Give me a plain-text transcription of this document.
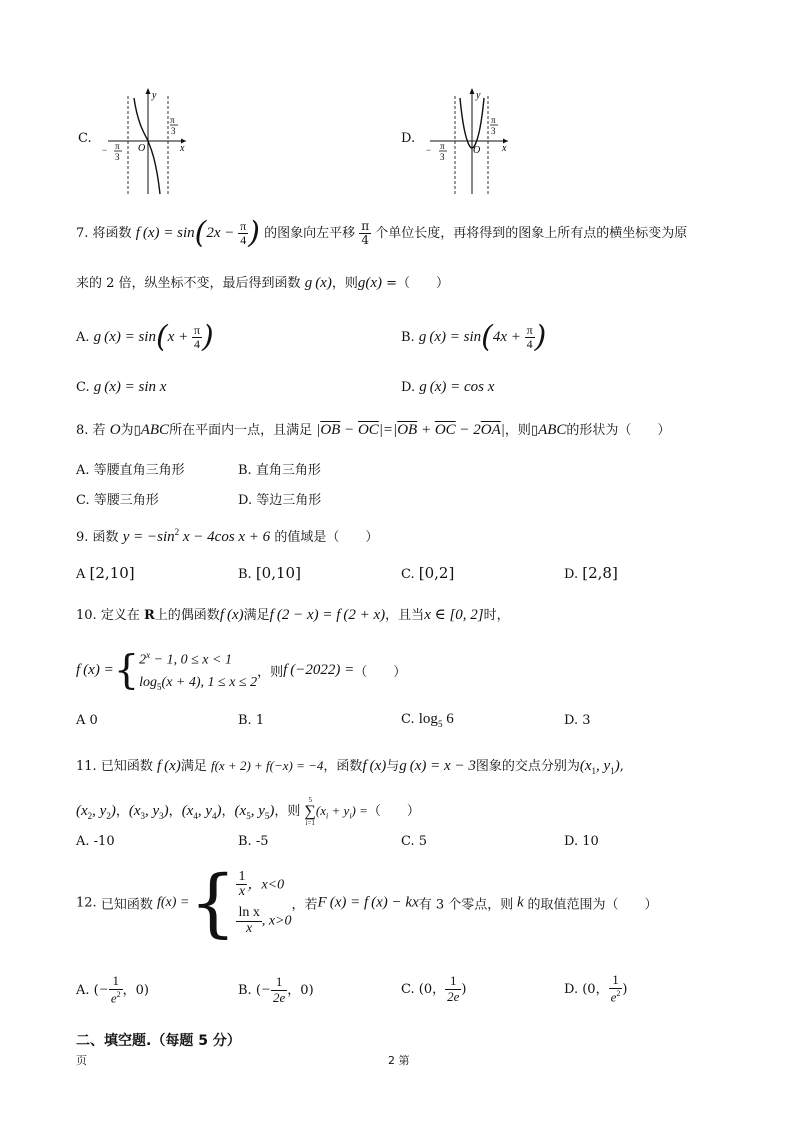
C.
y
x
O
π
3
− π
3
D.
y
x
O
π
3
− π
3
7. 将函数 f $(x) = \sin(2x - \frac{\pi}{4}$ ) 的图象向左平移 $\frac{\pi}{4}$ 个单位长度，再将得到的图象上所有点的横坐标变为原
来的 2 倍，纵坐标不变，最后得到函数 g (x)，则g(x) =（　　）
A. g $(x) = \sin(x + \frac{\pi}{4}$ )	B. g $(x) = \sin(4x + \frac{\pi}{4}$ )
C. g (x) = sin x	D. g (x) = cos x
8. 若 O为▯ABC所在平面内一点，且满足 $|\overline{OB} - \overline{OC}|=|\overline{OB} + \overline{OC} - 2\overline{OA}|$，则▯ABC的形状为（　　）
A. 等腰直角三角形	B. 直角三角形
C. 等腰三角形	D. 等边三角形
9. 函数 $y = -\sin^2$ x − 4cos x + 6 的值域是（　　）
A [2,10]	B. [0,10]	C. [0,2]	D. [2,8]
10. 定义在 R上的偶函数f (x)满足f (2 − x) = f (2 + x)，且当x ∈ [0, 2]时，
f (x) ={ $2^x - 1$, 0 ≤ x < 1
$\log_5(x + 4)$, 1 ≤ x ≤ 2
，则f (−2022) =（　　）
A 0	B. 1	C. $\log_5 6$	D. 3
11. 已知函数 f (x)满足 f(x + 2) + f(−x) = −4，函数f (x)与g (x) = x − 3图象的交点分别为($x_1$, $y_1$),
($x_2$, $y_2$)，($x_3$, $y_3$)，($x_4$, $y_4$)，($x_5$, $y_5$)，则
5
∑
i=1
$(x_i + y_i)$ =（　　）
A. -10	B. -5	C. 5	D. 10
12. 已知函数 f(x) ={ $\frac{1}{x}$ ，x<0
$\frac{\text{ln x}}{x}$ , x>0
，若F (x) = f (x) − kx有 3 个零点，则 k 的取值范围为（　　）
A. (− $\frac{1}{e^2}$ ，0)	B. (− $\frac{1}{2e}$ ，0)	C. (0， $\frac{1}{2e}$ )	D. (0， $\frac{1}{e^2}$ )
二、填空题.（每题 5 分）
页	2 第
